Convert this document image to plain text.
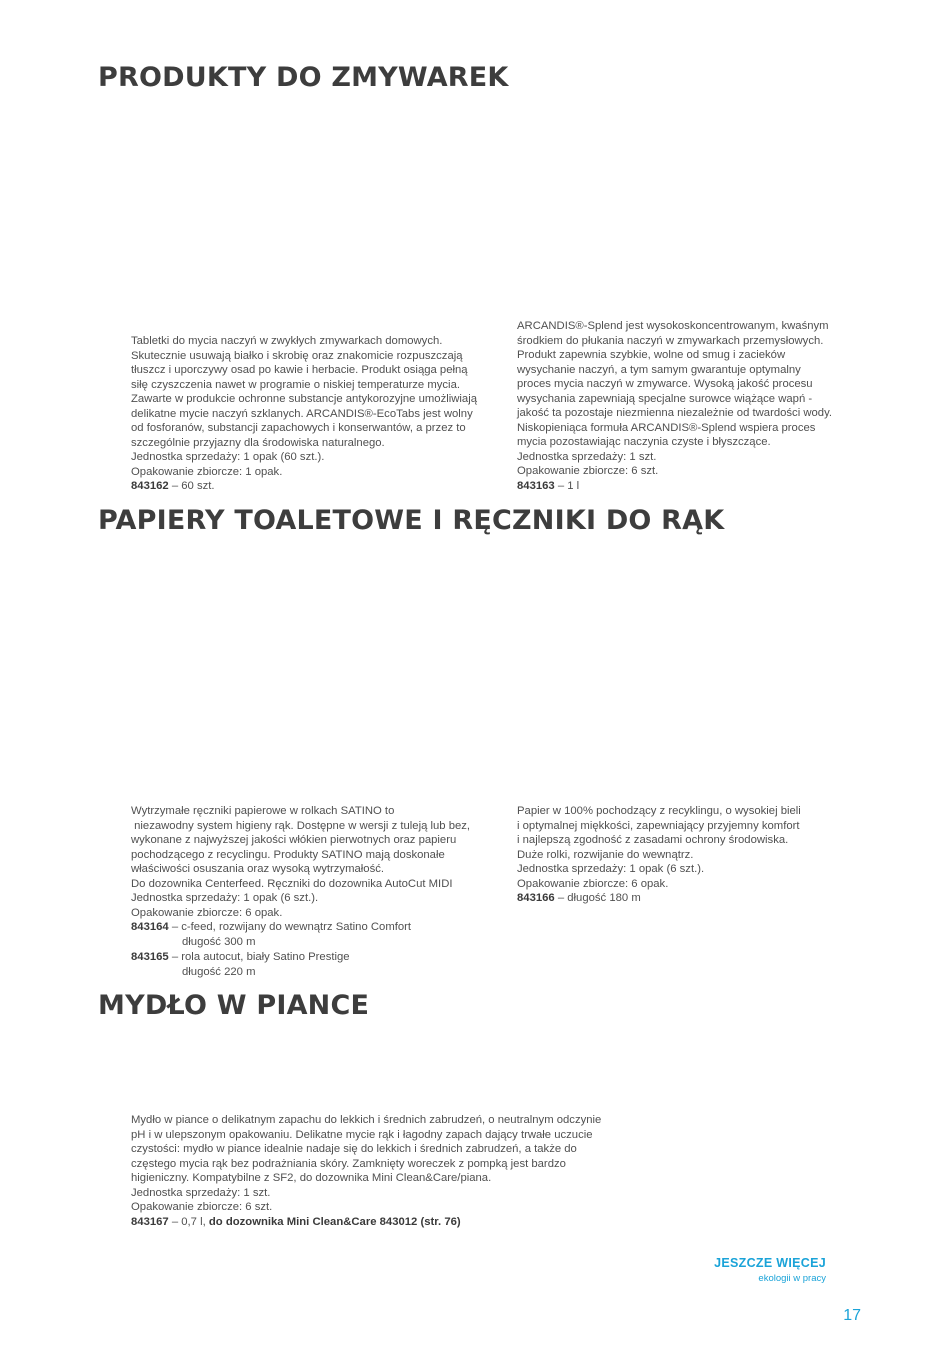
PRODUKTY DO ZMYWAREK

Tabletki do mycia naczyń w zwykłych zmywarkach domowych.

Skutecznie usuwają białko i skrobię oraz znakomicie rozpuszczają

tłuszcz i uporczywy osad po kawie i herbacie. Produkt osiąga pełną

siłę czyszczenia nawet w programie o niskiej temperaturze mycia.

Zawarte w produkcie ochronne substancje antykorozyjne umożliwiają

delikatne mycie naczyń szklanych. ARCANDIS®-EcoTabs jest wolny

od fosforanów, substancji zapachowych i konserwantów, a przez to

szczególnie przyjazny dla środowiska naturalnego.

Jednostka sprzedaży: 1 opak (60 szt.).

Opakowanie zbiorcze: 1 opak.

843162 – 60 szt.

ARCANDIS®-Splend jest wysokoskoncentrowanym, kwaśnym

środkiem do płukania naczyń w zmywarkach przemysłowych.

Produkt zapewnia szybkie, wolne od smug i zacieków

wysychanie naczyń, a tym samym gwarantuje optymalny

proces mycia naczyń w zmywarce. Wysoką jakość procesu

wysychania zapewniają specjalne surowce wiążące wapń -

jakość ta pozostaje niezmienna niezależnie od twardości wody.

Niskopieniąca formuła ARCANDIS®-Splend wspiera proces

mycia pozostawiając naczynia czyste i błyszczące.

Jednostka sprzedaży: 1 szt.

Opakowanie zbiorcze: 6 szt.

843163 – 1 l

PAPIERY TOALETOWE I RĘCZNIKI DO RĄK

Wytrzymałe ręczniki papierowe w rolkach SATINO to

niezawodny system higieny rąk. Dostępne w wersji z tuleją lub bez,

wykonane z najwyższej jakości włókien pierwotnych oraz papieru

pochodzącego z recyclingu. Produkty SATINO mają doskonałe

właściwości osuszania oraz wysoką wytrzymałość.

Do dozownika Centerfeed. Ręczniki do dozownika AutoCut MIDI

Jednostka sprzedaży: 1 opak (6 szt.).

Opakowanie zbiorcze: 6 opak.

843164 – c-feed, rozwijany do wewnątrz Satino Comfort
długość 300 m
843165 – rola autocut, biały Satino Prestige
długość 220 m

Papier w 100% pochodzący z recyklingu, o wysokiej bieli

i optymalnej miękkości, zapewniający przyjemny komfort

i najlepszą zgodność z zasadami ochrony środowiska.

Duże rolki, rozwijanie do wewnątrz.

Jednostka sprzedaży: 1 opak (6 szt.).

Opakowanie zbiorcze: 6 opak.

843166 – długość 180 m

MYDŁO W PIANCE

Mydło w piance o delikatnym zapachu do lekkich i średnich zabrudzeń, o neutralnym odczynie

pH i w ulepszonym opakowaniu. Delikatne mycie rąk i łagodny zapach dający trwałe uczucie

czystości: mydło w piance idealnie nadaje się do lekkich i średnich zabrudzeń, a także do

częstego mycia rąk bez podrażniania skóry. Zamknięty woreczek z pompką jest bardzo

higieniczny. Kompatybilne z SF2, do dozownika Mini Clean&Care/piana.

Jednostka sprzedaży: 1 szt.

Opakowanie zbiorcze: 6 szt.

843167 – 0,7 l, do dozownika Mini Clean&Care 843012 (str. 76)

JESZCZE WIĘCEJ

ekologii w pracy

17
